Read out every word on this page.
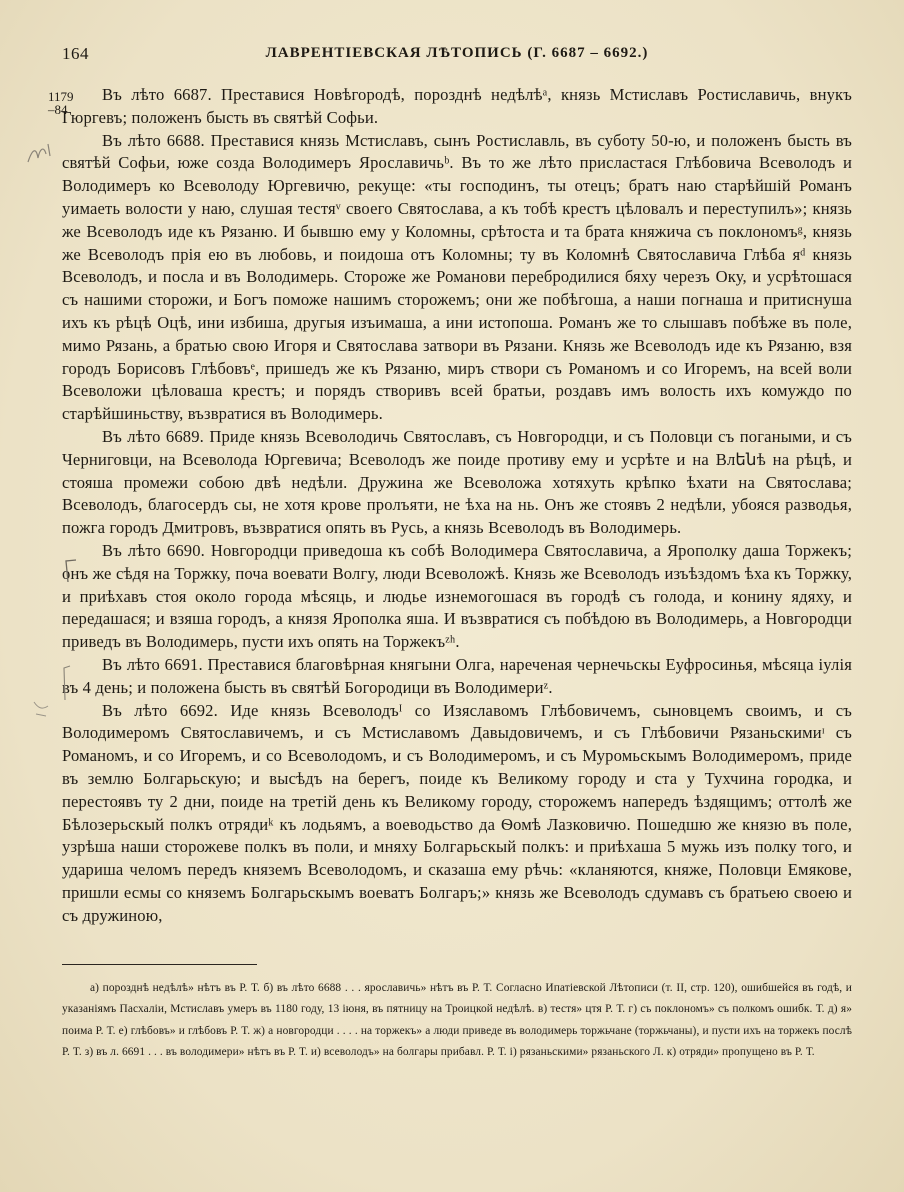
164	ЛАВРЕНТІЕВСКАЯ ЛѢТОПИСЬ (Г. 6687 – 6692.)
1179
–84

Въ лѣто 6687. Преставися Новѣгородѣ, порозднѣ недѣлѣᵃ, князь Мстиславъ Ростиславичь, внукъ Гюргевъ; положенъ бысть въ святѣй Софьи.

Въ лѣто 6688. Преставися князь Мстиславъ, сынъ Ростиславль, въ суботу 50-ю, и положенъ бысть въ святѣй Софьи, юже созда Володимеръ Ярославичьᵇ. Въ то же лѣто присластася Глѣбовича Всеволодъ и Володимеръ ко Всеволоду Юргевичю, рекуще: «ты господинъ, ты отецъ; братъ наю старѣйшій Романъ уимаеть волости у наю, слушая тестяᵛ своего Святослава, а къ тобѣ крестъ цѣловалъ и переступилъ»; князь же Всеволодъ иде къ Рязаню. И бывшю ему у Коломны, срѣтоста и та брата княжича съ поклономъᵍ, князь же Всеволодъ прія ею въ любовь, и поидоша отъ Коломны; ту въ Коломнѣ Святославича Глѣба яᵈ князь Всеволодъ, и посла и въ Володимерь. Стороже же Романови перебродилися бяху черезъ Оку, и усрѣтошася съ нашими сторожи, и Богъ поможе нашимъ сторожемъ; они же побѣгоша, а наши погнаша и притиснуша ихъ къ рѣцѣ Оцѣ, ини избиша, другыя изъимаша, а ини истопоша. Романъ же то слышавъ побѣже въ поле, мимо Рязань, а братью свою Игоря и Святослава затвори въ Рязани. Князь же Всеволодъ иде къ Рязаню, взя городъ Борисовъ Глѣбовъᵉ, пришедъ же къ Рязаню, миръ створи съ Романомъ и со Игоремъ, на всей воли Всеволожи цѣловаша крестъ; и порядъ створивъ всей братьи, роздавъ имъ волость ихъ комуждо по старѣйшиньству, възвратися въ Володимерь.

Въ лѣто 6689. Приде князь Всеволодичь Святославъ, съ Новгородци, и съ Половци съ погаными, и съ Черниговци, на Всеволода Юргевича; Всеволодъ же поиде противу ему и усрѣте и на Влենѣ на рѣцѣ, и стояша промежи собою двѣ недѣли. Дружина же Всеволожа хотяхуть крѣпко ѣхати на Святослава; Всеволодъ, благосердъ сы, не хотя крове пролъяти, не ѣха на нь. Онъ же стоявъ 2 недѣли, убояся разводья, пожга городъ Дмитровъ, възвратися опять въ Русь, а князь Всеволодъ въ Володимерь.

Въ лѣто 6690. Новгородци приведоша къ собѣ Володимера Святославича, а Ярополку даша Торжекъ; онъ же сѣдя на Торжку, поча воевати Волгу, люди Всеволожѣ. Князь же Всеволодъ изъѣздомъ ѣха къ Торжку, и приѣхавъ стоя около города мѣсяць, и людье изнемогошася въ городѣ съ голода, и конину ядяху, и передашася; и взяша городъ, а князя Ярополка яша. И възвратися съ побѣдою въ Володимерь, а Новгородци приведъ въ Володимерь, пусти ихъ опять на Торжекъᶻʰ.

Въ лѣто 6691. Преставися благовѣрная княгыни Олга, нареченая чернечьскы Еуфросинья, мѣсяца іулія въ 4 день; и положена бысть въ святѣй Богородици въ Володимериᶻ.

Въ лѣто 6692. Иде князь Всеволодъᴵ со Изяславомъ Глѣбовичемъ, сыновцемъ своимъ, и съ Володимеромъ Святославичемъ, и съ Мстиславомъ Давыдовичемъ, и съ Глѣбовичи Рязаньскимиᶦ съ Романомъ, и со Игоремъ, и со Всеволодомъ, и съ Володимеромъ, и съ Муромьскымъ Володимеромъ, приде въ землю Болгарьскую; и высѣдъ на берегъ, поиде къ Великому городу и ста у Тухчина городка, и перестоявъ ту 2 дни, поиде на третій день къ Великому городу, сторожемъ напередъ ѣздящимъ; оттолѣ же Бѣлозерьскый полкъ отрядиᵏ къ лодьямъ, а воеводьство да Ѳомѣ Лазковичю. Пошедшю же князю въ поле, узрѣша наши сторожеве полкъ въ поли, и мняху Болгарьскый полкъ: и приѣхаша 5 мужь изъ полку того, и удариша челомъ передъ княземъ Всеволодомъ, и сказаша ему рѣчь: «кланяются, княже, Половци Емякове, пришли есмы со княземъ Болгарьскымъ воеватъ Болгаръ;» князь же Всеволодъ сдумавъ съ братьею своею и съ дружиною,

а) порозднѣ недѣлѣ» нѣтъ въ Р. Т. б) въ лѣто 6688 . . . ярославичь» нѣтъ въ Р. Т. Согласно Ипатіевской Лѣтописи (т. II, стр. 120), ошибшейся въ годѣ, и указаніямъ Пасхаліи, Мстиславъ умеръ въ 1180 году, 13 іюня, въ пятницу на Троицкой недѣлѣ. в) тестя» цтя Р. Т. г) съ поклономъ» съ полкомъ ошибк. Т. д) я» поима Р. Т. е) глѣбовъ» и глѣбовъ Р. Т. ж) а новгородци . . . . на торжекъ» а люди приведе въ володимерь торжьчане (торжьчаны), и пусти ихъ на торжекъ послѣ Р. Т. з) въ л. 6691 . . . въ володимери» нѣтъ въ Р. Т. и) всеволодъ» на болгары прибавл. Р. Т. і) рязаньскими» рязаньского Л. к) отряди» пропущено въ Р. Т.
